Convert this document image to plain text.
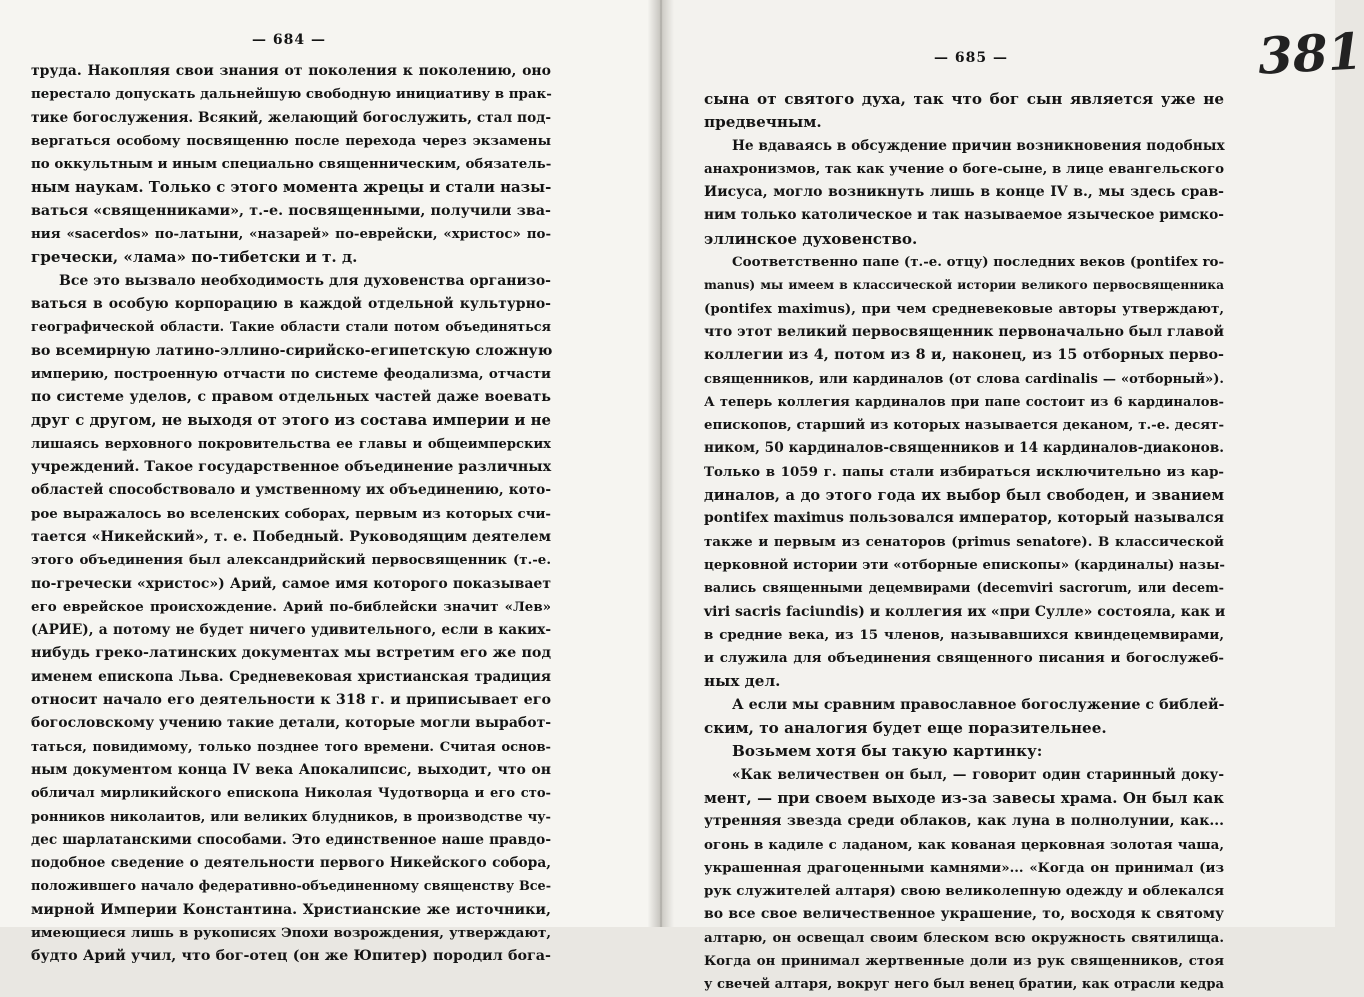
— 684 —
труда. Накопляя свои знания от поколения к поколению, оно
перестало допускать дальнейшую свободную инициативу в прак-
тике богослужения. Всякий, желающий богослужить, стал под-
вергаться особому посвященню после перехода через экзамены
по оккультным и иным специально священническим, обязатель-
ным наукам. Только с этого момента жрецы и стали назы-
ваться «священниками», т.-е. посвященными, получили зва-
ния «sacerdos» по-латыни, «назарей» по-еврейски, «христос» по-
гречески, «лама» по-тибетски и т. д.
Все это вызвало необходимость для духовенства организо-
ваться в особую корпорацию в каждой отдельной культурно-
географической области. Такие области стали потом объединяться
во всемирную латино-эллино-сирийско-египетскую сложную
империю, построенную отчасти по системе феодализма, отчасти
по системе уделов, с правом отдельных частей даже воевать
друг с другом, не выходя от этого из состава империи и не
лишаясь верховного покровительства ее главы и общеимперских
учреждений. Такое государственное объединение различных
областей способствовало и умственному их объединению, кото-
рое выражалось во вселенских соборах, первым из которых счи-
тается «Никейский», т. е. Победный. Руководящим деятелем
этого объединения был александрийский первосвященник (т.-е.
по-гречески «христос») Арий, самое имя которого показывает
его еврейское происхождение. Арий по-библейски значит «Лев»
(АРИЕ), а потому не будет ничего удивительного, если в каких-
нибудь греко-латинских документах мы встретим его же под
именем епископа Льва. Средневековая христианская традиция
относит начало его деятельности к 318 г. и приписывает его
богословскому учению такие детали, которые могли выработ-
таться, повидимому, только позднее того времени. Считая основ-
ным документом конца IV века Апокалипсис, выходит, что он
обличал мирликийского епископа Николая Чудотворца и его сто-
ронников николаитов, или великих блудников, в производстве чу-
дес шарлатанскими способами. Это единственное наше правдо-
подобное сведение о деятельности первого Никейского собора,
положившего начало федеративно-объединенному священству Все-
мирной Империи Константина. Христианские же источники,
имеющиеся лишь в рукописях Эпохи возрождения, утверждают,
будто Арий учил, что бог-отец (он же Юпитер) породил бога-
— 685 —
сына от святого духа, так что бог сын является уже не
предвечным.
Не вдаваясь в обсуждение причин возникновения подобных
анахронизмов, так как учение о боге-сыне, в лице евангельского
Иисуса, могло возникнуть лишь в конце IV в., мы здесь срав-
ним только католическое и так называемое языческое римско-
эллинское духовенство.
Соответственно папе (т.-е. отцу) последних веков (pontifex ro-
manus) мы имеем в классической истории великого первосвященника
(pontifex maximus), при чем средневековые авторы утверждают,
что этот великий первосвященник первоначально был главой
коллегии из 4, потом из 8 и, наконец, из 15 отборных перво-
священников, или кардиналов (от слова cardinalis — «отборный»).
А теперь коллегия кардиналов при папе состоит из 6 кардиналов-
епископов, старший из которых называется деканом, т.-е. десят-
ником, 50 кардиналов-священников и 14 кардиналов-диаконов.
Только в 1059 г. папы стали избираться исключительно из кар-
диналов, а до этого года их выбор был свободен, и званием
pontifex maximus пользовался император, который назывался
также и первым из сенаторов (primus senatore). В классической
церковной истории эти «отборные епископы» (кардиналы) назы-
вались священными децемвирами (decemviri sacrorum, или decem-
viri sacris faciundis) и коллегия их «при Сулле» состояла, как и
в средние века, из 15 членов, называвшихся квиндецемвирами,
и служила для объединения священного писания и богослужеб-
ных дел.
А если мы сравним православное богослужение с библей-
ским, то аналогия будет еще поразительнее.
Возьмем хотя бы такую картинку:
«Как величествен он был, — говорит один старинный доку-
мент, — при своем выходе из-за завесы храма. Он был как
утренняя звезда среди облаков, как луна в полнолунии, как...
огонь в кадиле с ладаном, как кованая церковная золотая чаша,
украшенная драгоценными камнями»... «Когда он принимал (из
рук служителей алтаря) свою великолепную одежду и облекался
во все свое величественное украшение, то, восходя к святому
алтарю, он освещал своим блеском всю окружность святилища.
Когда он принимал жертвенные доли из рук священников, стоя
у свечей алтаря, вокруг него был венец братии, как отрасли кедра
381
